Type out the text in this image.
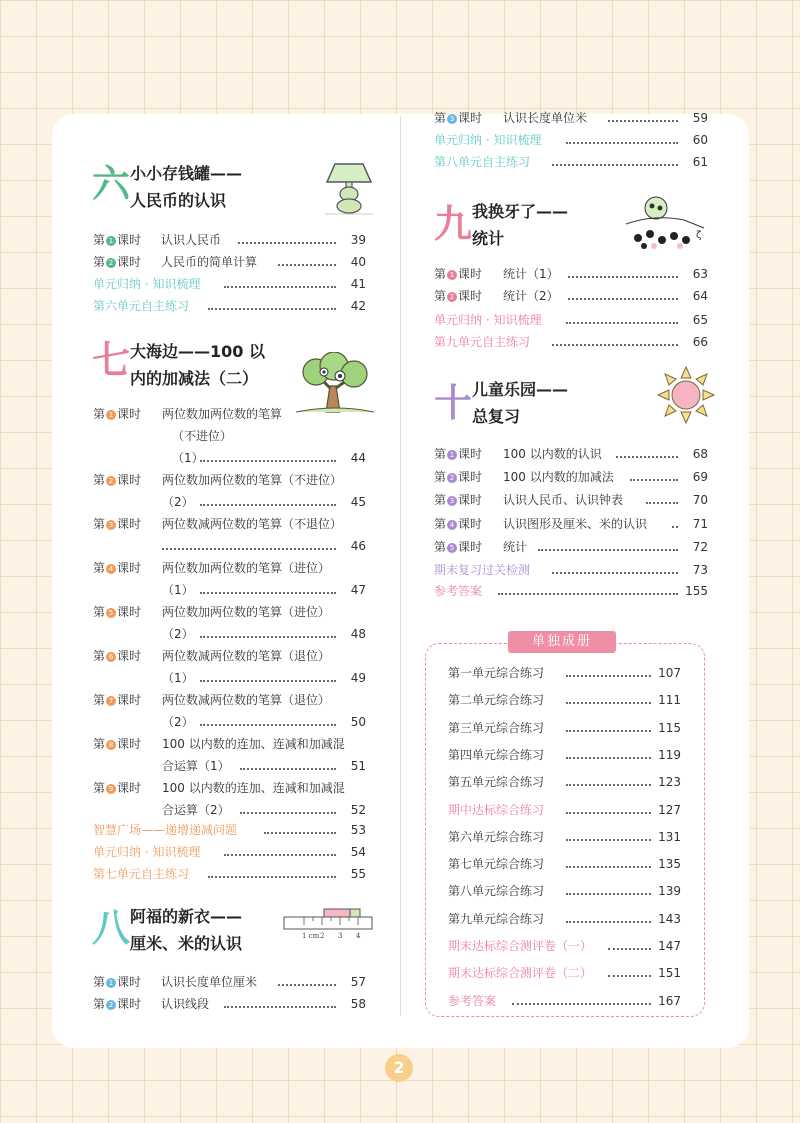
六 小小存钱罐——
人民币的认识
七 大海边——100 以
内的加减法（二）
八 阿福的新衣——
厘米、米的认识	1 cm 2 3 4
九 我换牙了——
统计	ζ
十 儿童乐园——
总复习
单独成册
2
第 1 课时 认识人民币	39
第 2 课时 人民币的简单计算	40
单元归纳 · 知识梳理	41
第六单元自主练习	42
第 1 课时 两位数加两位数的笔算
（不进位）
（1）	44
第 2 课时 两位数加两位数的笔算（不进位）
（2）	45
第 3 课时 两位数减两位数的笔算（不退位）
46
第 4 课时 两位数加两位数的笔算（进位）
（1）	47
第 5 课时 两位数加两位数的笔算（进位）
（2）	48
第 6 课时 两位数减两位数的笔算（退位）
（1）	49
第 7 课时 两位数减两位数的笔算（退位）
（2）	50
第 8 课时 100 以内数的连加、连减和加减混
合运算（1）	51
第 9 课时 100 以内数的连加、连减和加减混
合运算（2）	52
智慧广场——递增递减问题	53
单元归纳 · 知识梳理	54
第七单元自主练习	55
第 1 课时 认识长度单位厘米	57
第 2 课时 认识线段	58
第 3 课时 认识长度单位米	59
单元归纳 · 知识梳理	60
第八单元自主练习	61
第 1 课时 统计（1）	63
第 2 课时 统计（2）	64
单元归纳 · 知识梳理	65
第九单元自主练习	66
第 1 课时 100 以内数的认识	68
第 2 课时 100 以内数的加减法	69
第 3 课时 认识人民币、认识钟表	70
第 4 课时 认识图形及厘米、米的认识	71
第 5 课时 统计	72
期末复习过关检测	73
参考答案	155
第一单元综合练习	107
第二单元综合练习	111
第三单元综合练习	115
第四单元综合练习	119
第五单元综合练习	123
期中达标综合练习	127
第六单元综合练习	131
第七单元综合练习	135
第八单元综合练习	139
第九单元综合练习	143
期末达标综合测评卷（一）	147
期末达标综合测评卷（二）	151
参考答案	167
